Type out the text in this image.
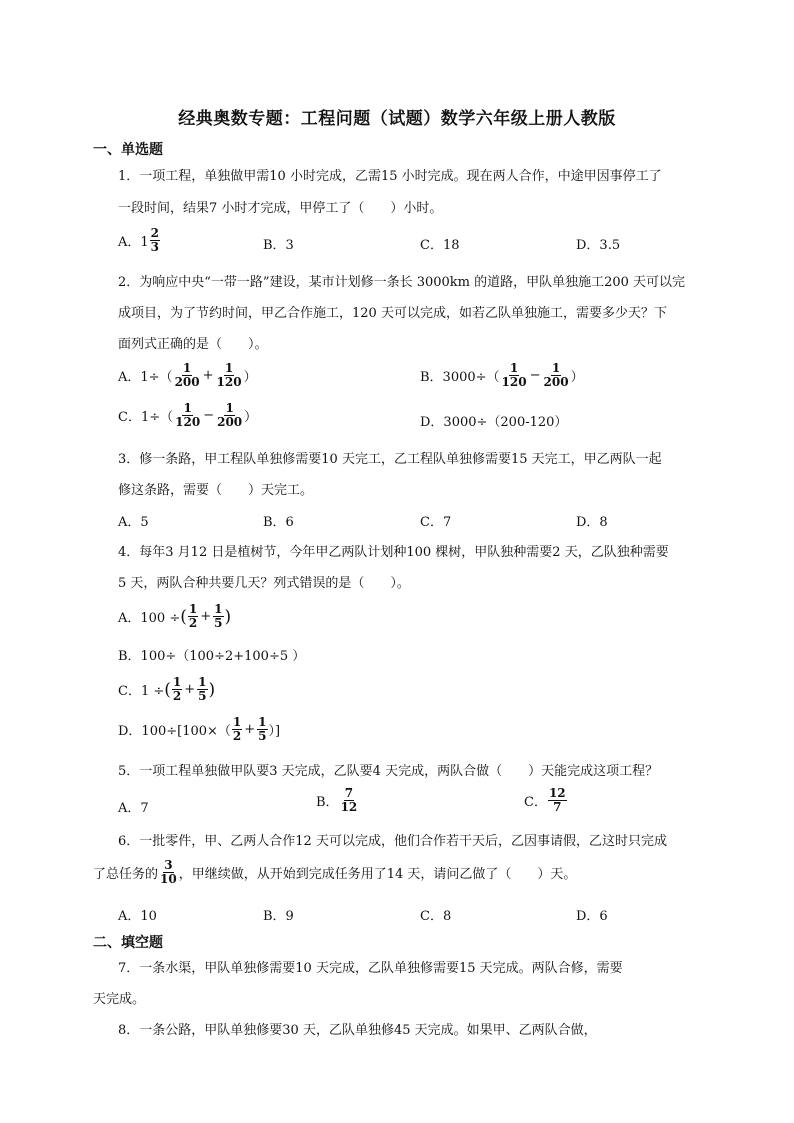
经典奥数专题：工程问题（试题）数学六年级上册人教版
一、单选题
1．一项工程，单独做甲需10 小时完成，乙需15 小时完成。现在两人合作，中途甲因事停工了
一段时间，结果7 小时才完成，甲停工了（　　）小时。
A．$1 \frac{2}{3}$	B．3	C．18	D．3.5
2．为响应中央“一带一路”建设，某市计划修一条长 3000km 的道路，甲队单独施工200 天可以完
成项目，为了节约时间，甲乙合作施工，120 天可以完成，如若乙队单独施工，需要多少天？下
面列式正确的是（　　）。
A．$1\div( \frac{1}{200} + \frac{1}{120}$ ）	B．$3000\div( \frac{1}{120} - \frac{1}{200}$ ）
C．$1\div( \frac{1}{120} - \frac{1}{200}$ ）	D．3000÷（200-120）
3．修一条路，甲工程队单独修需要10 天完工，乙工程队单独修需要15 天完工，甲乙两队一起
修这条路，需要（　　）天完工。
A．5	B．6	C．7	D．8
4．每年3 月12 日是植树节，今年甲乙两队计划种100 棵树，甲队独种需要2 天，乙队独种需要
5 天，两队合种共要几天？列式错误的是（　　）。
A．100 ÷ ( $\frac{1}{2} + \frac{1}{5}$ )
B．100÷（100÷2+100÷5 ）
C．1 ÷ ( $\frac{1}{2} + \frac{1}{5}$ )
D．$100\div[100\times( \frac{1}{2} + \frac{1}{5}$ ）]
5．一项工程单独做甲队要3 天完成，乙队要4 天完成，两队合做（　　）天能完成这项工程？
A．7	B． $\frac{7}{12}$	C． $\frac{12}{7}$
6．一批零件，甲、乙两人合作12 天可以完成，他们合作若干天后，乙因事请假，乙这时只完成
了总任务的 $\frac{3}{10}$ ，甲继续做，从开始到完成任务用了14 天，请问乙做了（　　）天。
A．10	B．9	C．8	D．6
二、填空题
7．一条水渠，甲队单独修需要10 天完成，乙队单独修需要15 天完成。两队合修，需要
天完成。
8．一条公路，甲队单独修要30 天，乙队单独修45 天完成。如果甲、乙两队合做，
